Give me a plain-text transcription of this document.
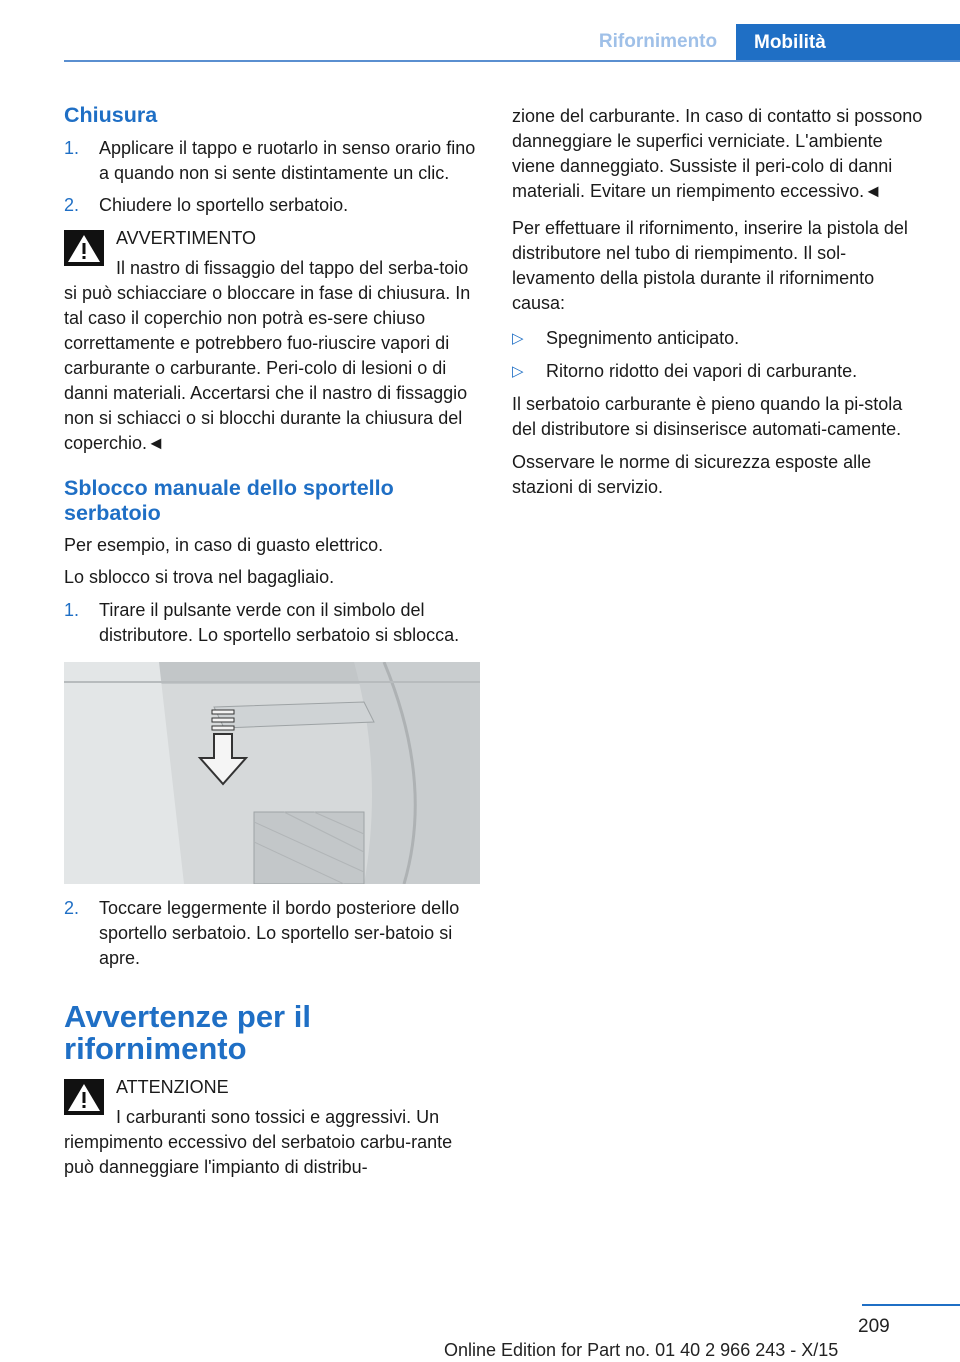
Rifornimento	Mobilità
Chiusura
1.	Applicare il tappo e ruotarlo in senso orario fino a quando non si sente distintamente un clic.
2.	Chiudere lo sportello serbatoio.

AVVERTIMENTO

Il nastro di fissaggio del tappo del serba‐toio si può schiacciare o bloccare in fase di chiusura. In tal caso il coperchio non potrà es‐sere chiuso correttamente e potrebbero fuo‐riuscire vapori di carburante o carburante. Peri‐colo di lesioni o di danni materiali. Accertarsi che il nastro di fissaggio non si schiacci o si blocchi durante la chiusura del coperchio.◄

Sblocco manuale dello sportello serbatoio

Per esempio, in caso di guasto elettrico.

Lo sblocco si trova nel bagagliaio.

1.	Tirare il pulsante verde con il simbolo del distributore. Lo sportello serbatoio si sblocca.
2.	Toccare leggermente il bordo posteriore dello sportello serbatoio. Lo sportello ser‐batoio si apre.
Avvertenze per il rifornimento

ATTENZIONE

I carburanti sono tossici e aggressivi. Un riempimento eccessivo del serbatoio carbu‐rante può danneggiare l'impianto di distribu‐

zione del carburante. In caso di contatto si possono danneggiare le superfici verniciate. L'ambiente viene danneggiato. Sussiste il peri‐colo di danni materiali. Evitare un riempimento eccessivo.◄

Per effettuare il rifornimento, inserire la pistola del distributore nel tubo di riempimento. Il sol‐levamento della pistola durante il rifornimento causa:

▷	Spegnimento anticipato.
▷	Ritorno ridotto dei vapori di carburante.

Il serbatoio carburante è pieno quando la pi‐stola del distributore si disinserisce automati‐camente.

Osservare le norme di sicurezza esposte alle stazioni di servizio.

209
Online Edition for Part no. 01 40 2 966 243 - X/15
